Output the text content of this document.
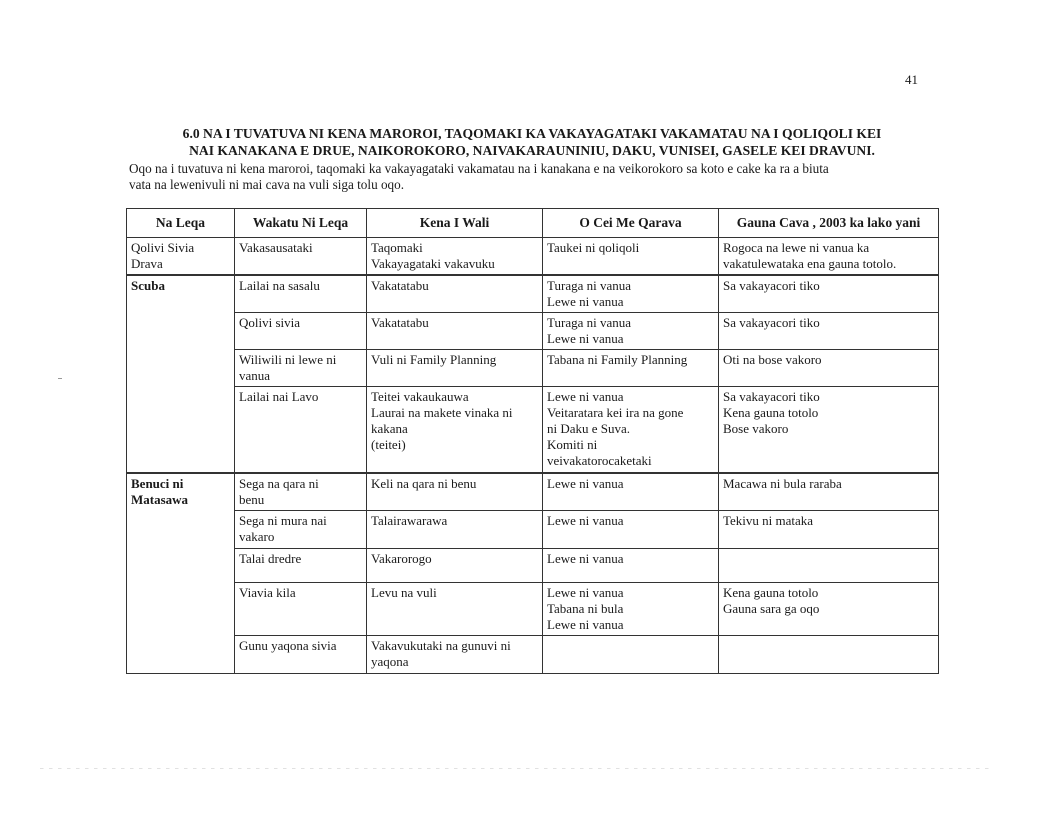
41
6.0 NA I TUVATUVA NI KENA MAROROI, TAQOMAKI KA VAKAYAGATAKI VAKAMATAU NA I QOLIQOLI KEI
NAI KANAKANA E DRUE, NAIKOROKORO, NAIVAKARAUNINIU, DAKU, VUNISEI, GASELE KEI DRAVUNI.
Oqo na i tuvatuva ni kena maroroi, taqomaki ka vakayagataki vakamatau na i kanakana e na veikorokoro sa koto e cake ka ra a biuta
vata na lewenivuli ni mai cava na vuli siga tolu oqo.
Na Leqa	Wakatu Ni Leqa	Kena I Wali	O Cei Me Qarava	Gauna Cava , 2003 ka lako yani

Qolivi Sivia
Drava	Vakasausataki	Taqomaki
Vakayagataki vakavuku	Taukei ni qoliqoli	Rogoca na lewe ni vanua ka
vakatulewataka ena gauna totolo.

Scuba	Lailai na sasalu	Vakatatabu	Turaga ni vanua
Lewe ni vanua	Sa vakayacori tiko

	Qolivi sivia	Vakatatabu	Turaga ni vanua
Lewe ni vanua	Sa vakayacori tiko

	Wiliwili ni lewe ni
vanua	Vuli ni Family Planning	Tabana ni Family Planning	Oti na bose vakoro

	Lailai nai Lavo	Teitei vakaukauwa
Laurai na makete vinaka ni
kakana
(teitei)	Lewe ni vanua
Veitaratara kei ira na gone
ni Daku e Suva.
Komiti ni
veivakatorocaketaki	Sa vakayacori tiko
Kena gauna totolo
Bose vakoro

Benuci ni
Matasawa	Sega na qara ni
benu	Keli na qara ni benu	Lewe ni vanua	Macawa ni bula raraba

	Sega ni mura nai
vakaro	Talairawarawa	Lewe ni vanua	Tekivu ni mataka

	Talai dredre	Vakarorogo	Lewe ni vanua	

	Viavia kila	Levu na vuli	Lewe ni vanua
Tabana ni bula
Lewe ni vanua	Kena gauna totolo
Gauna sara ga oqo

	Gunu yaqona sivia	Vakavukutaki na gunuvi ni
yaqona		
